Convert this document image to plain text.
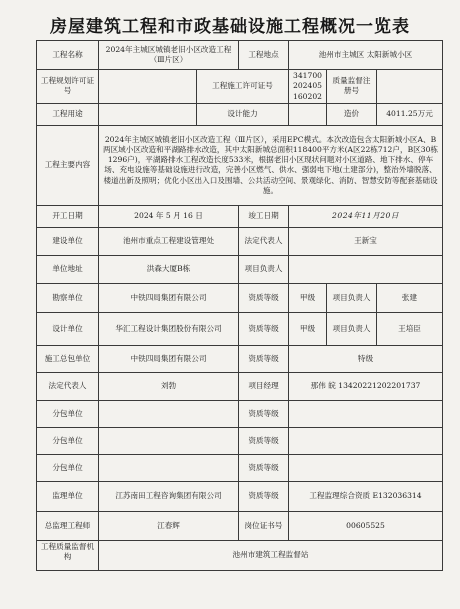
房屋建筑工程和市政基础设施工程概况一览表
工程名称	2024年主城区城镇老旧小区改造工程（Ⅲ片区）		工程地点	池州市主城区 太阳新城小区		
工程规划许可证号		工程施工许可证号		341700202405160202	质量监督注册号	
工程用途		设计能力			造价	4011.25万元
工程主要内容	2024年主城区城镇老旧小区改造工程（Ⅲ片区），采用EPC模式。本次改造包含太阳新城小区A、B两区域小区改造和平湖路排水改造，其中太阳新城总面积118400平方米(A区22栋712户，B区30栋1296户)，平湖路排水工程改造长度533米，根据老旧小区现状问题对小区道路、地下排水、停车场、充电设施等基础设施进行改造，完善小区燃气、供水、强弱电下地(土建部分)，整治外墙脱落、楼道出新及照明；优化小区出入口及围墙、公共活动空间、景观绿化、消防、智慧安防等配套基础设施。					
开工日期	2024 年 5 月 16 日		竣工日期	2024年11月20日		
建设单位	池州市重点工程建设管理处		法定代表人	王新宝		
单位地址	洪森大厦B栋		项目负责人			
勘察单位	中铁四局集团有限公司		资质等级	甲级	项目负责人	张建
设计单位	华汇工程设计集团股份有限公司		资质等级	甲级	项目负责人	王培臣
施工总包单位	中铁四局集团有限公司		资质等级	特级		
法定代表人	刘勃		项目经理	那伟 皖 1342022120220173​7		
分包单位			资质等级			
分包单位			资质等级			
分包单位			资质等级			
监理单位	江苏南田工程咨询集团有限公司		资质等级	工程监理综合资质 E132036314		
总监理工程师	江春辉		岗位证书号	00605525		
工程质量监督机构	池州市建筑工程监督站					
